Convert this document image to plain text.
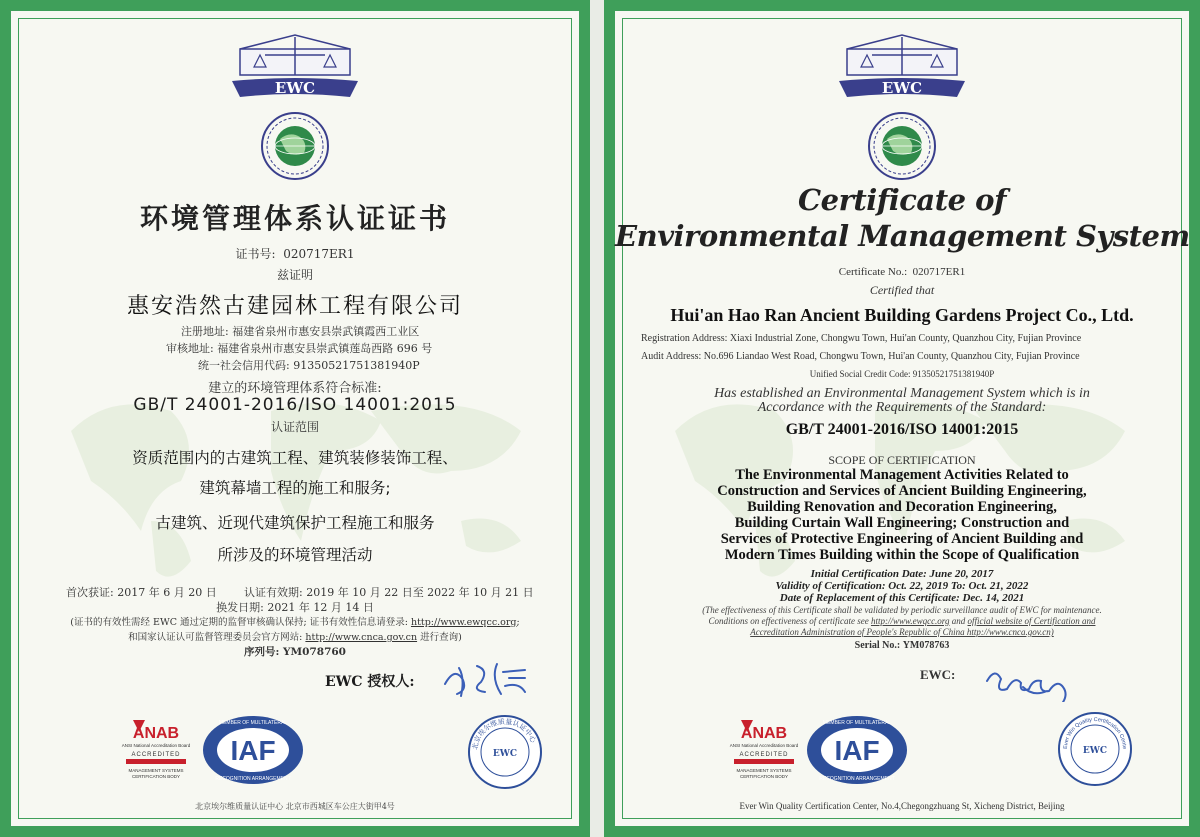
EWC
环境管理体系认证证书
证书号: 020717ER1
兹证明
惠安浩然古建园林工程有限公司
注册地址: 福建省泉州市惠安县崇武镇霞西工业区
审核地址: 福建省泉州市惠安县崇武镇莲岛西路 696 号
统一社会信用代码: 91350521751381940P
建立的环境管理体系符合标准:
GB/T 24001-2016/ISO 14001:2015
认证范围
资质范围内的古建筑工程、建筑装修装饰工程、
建筑幕墙工程的施工和服务;
古建筑、近现代建筑保护工程施工和服务
所涉及的环境管理活动
首次获证: 2017 年 6 月 20 日 认证有效期: 2019 年 10 月 22 日至 2022 年 10 月 21 日
换发日期: 2021 年 12 月 14 日
(证书的有效性需经 EWC 通过定期的监督审核确认保持; 证书有效性信息请登录: http://www.ewqcc.org;
和国家认证认可监督管理委员会官方网站: http://www.cnca.gov.cn 进行查询)
序列号: YM078760
EWC 授权人:
ANAB
ANSI National Accreditation Board
ACCREDITED
MANAGEMENT SYSTEMS
CERTIFICATION BODY
IAF
MEMBER OF MULTILATERAL
RECOGNITION ARRANGEMENT
北京埃尔维质量认证中心
EWC
北京埃尔维质量认证中心 北京市西城区车公庄大街甲4号
EWC
Certificate of
Environmental Management System
Certificate No.: 020717ER1
Certified that
Hui'an Hao Ran Ancient Building Gardens Project Co., Ltd.
Registration Address: Xiaxi Industrial Zone, Chongwu Town, Hui'an County, Quanzhou City, Fujian Province
Audit Address: No.696 Liandao West Road, Chongwu Town, Hui'an County, Quanzhou City, Fujian Province
Unified Social Credit Code: 91350521751381940P
Has established an Environmental Management System which is in
Accordance with the Requirements of the Standard:
GB/T 24001-2016/ISO 14001:2015
SCOPE OF CERTIFICATION
The Environmental Management Activities Related to
Construction and Services of Ancient Building Engineering,
Building Renovation and Decoration Engineering,
Building Curtain Wall Engineering; Construction and
Services of Protective Engineering of Ancient Building and
Modern Times Building within the Scope of Qualification
Initial Certification Date: June 20, 2017
Validity of Certification: Oct. 22, 2019 To: Oct. 21, 2022
Date of Replacement of this Certificate: Dec. 14, 2021
(The effectiveness of this Certificate shall be validated by periodic surveillance audit of EWC for maintenance.
Conditions on effectiveness of certificate see http://www.ewqcc.org and official website of Certification and
Accreditation Administration of People's Republic of China http://www.cnca.gov.cn)
Serial No.: YM078763
EWC:
ANAB
ANSI National Accreditation Board
ACCREDITED
MANAGEMENT SYSTEMS
CERTIFICATION BODY
IAF
MEMBER OF MULTILATERAL
RECOGNITION ARRANGEMENT
Ever Win Quality Certification Cente
EWC
Ever Win Quality Certification Center, No.4,Chegongzhuang St, Xicheng District, Beijing
